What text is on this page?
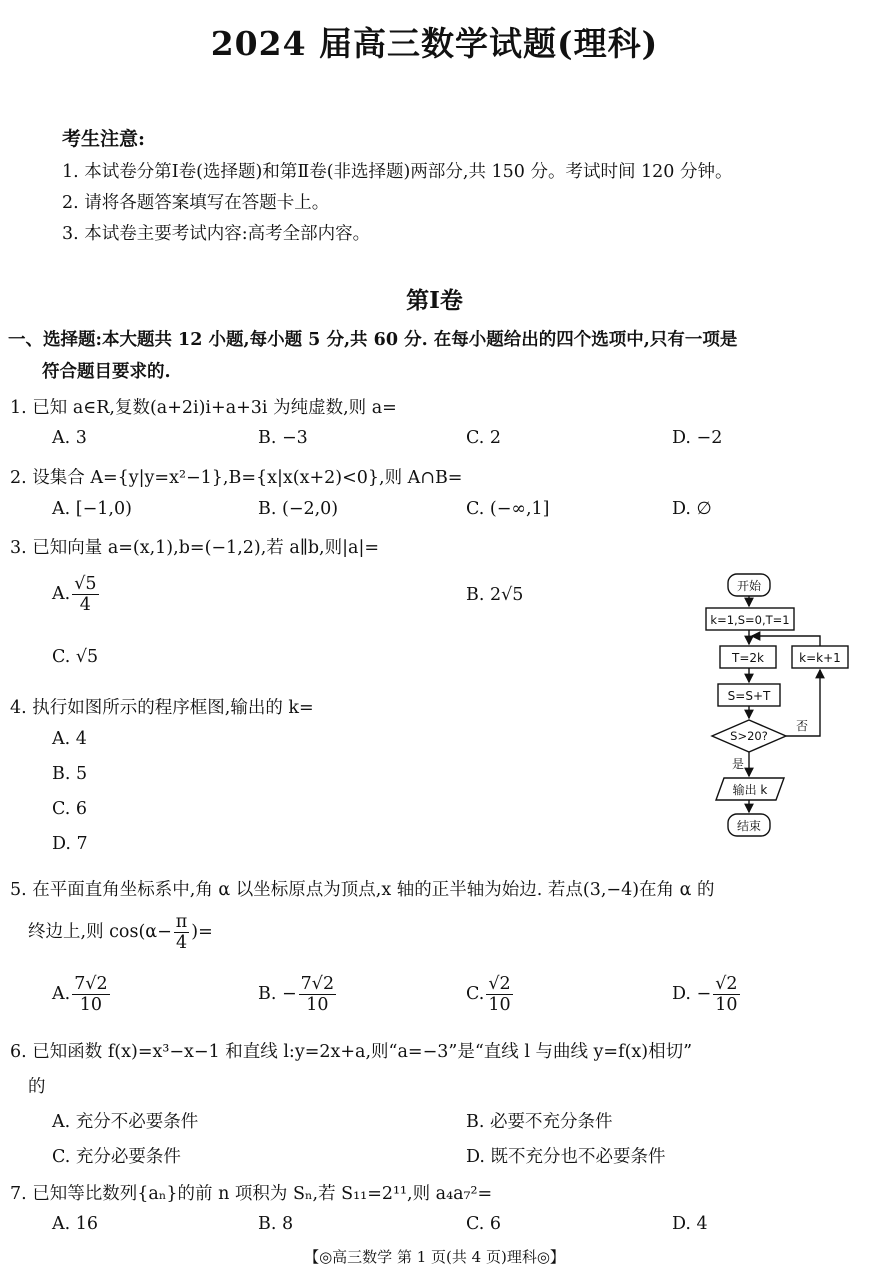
2024 届高三数学试题(理科)
考生注意:
1. 本试卷分第Ⅰ卷(选择题)和第Ⅱ卷(非选择题)两部分,共 150 分。考试时间 120 分钟。
2. 请将各题答案填写在答题卡上。
3. 本试卷主要考试内容:高考全部内容。
第Ⅰ卷
一、选择题:本大题共 12 小题,每小题 5 分,共 60 分. 在每小题给出的四个选项中,只有一项是
符合题目要求的.
1. 已知 a∈R,复数(a+2i)i+a+3i 为纯虚数,则 a=
A. 3	B. −3	C. 2	D. −2
2. 设集合 A={y|y=x²−1},B={x|x(x+2)<0},则 A∩B=
A. [−1,0)	B. (−2,0)	C. (−∞,1]	D. ∅
3. 已知向量 a=(x,1),b=(−1,2),若 a∥b,则|a|=
A. $\frac{√5}{4}$	B. 2√5
C. √5
4. 执行如图所示的程序框图,输出的 k=
A. 4
B. 5
C. 6
D. 7
开始
k=1,S=0,T=1
T=2k
S=S+T
S>20?
否
是
输出 k
结束
k=k+1
5. 在平面直角坐标系中,角 α 以坐标原点为顶点,x 轴的正半轴为始边. 若点(3,−4)在角 α 的
终边上,则 $\cos(\alpha- \frac{\pi}{4}$ )=
A. $\frac{7√2}{10}$	B. − $\frac{7√2}{10}$	C. $\frac{√2}{10}$	D. − $\frac{√2}{10}$
6. 已知函数 f(x)=x³−x−1 和直线 l:y=2x+a,则“a=−3”是“直线 l 与曲线 y=f(x)相切”
的
A. 充分不必要条件	B. 必要不充分条件
C. 充分必要条件	D. 既不充分也不必要条件
7. 已知等比数列{aₙ}的前 n 项积为 Sₙ,若 S₁₁=2¹¹,则 a₄a₇²=
A. 16	B. 8	C. 6	D. 4
【◎高三数学 第 1 页(共 4 页)理科◎】
